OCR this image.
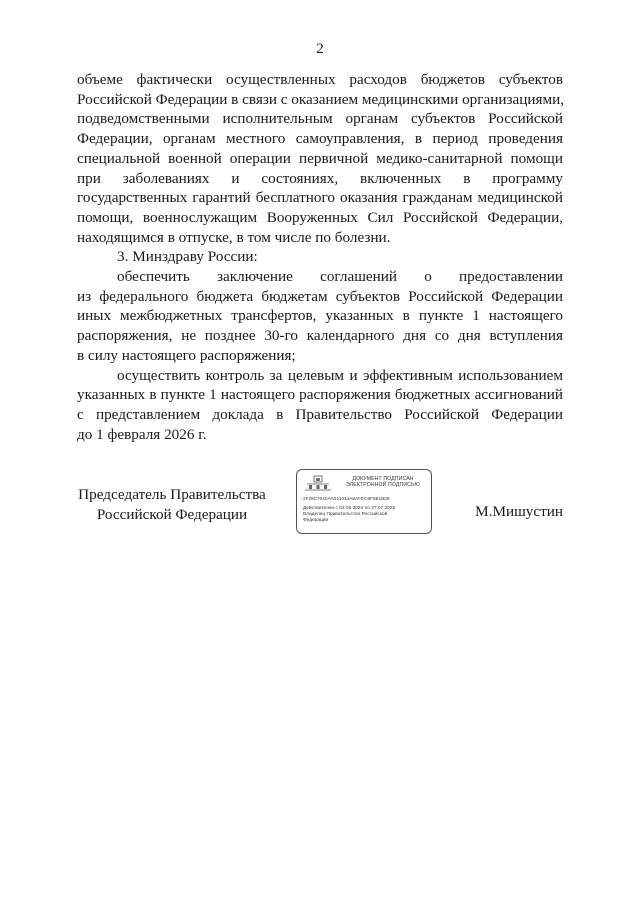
2

объеме фактически осуществленных расходов бюджетов субъектов
Российской Федерации в связи с оказанием медицинскими организациями,
подведомственными исполнительным органам субъектов Российской
Федерации, органам местного самоуправления, в период проведения
специальной военной операции первичной медико-санитарной помощи
при заболеваниях и состояниях, включенных в программу
государственных гарантий бесплатного оказания гражданам медицинской
помощи, военнослужащим Вооруженных Сил Российской Федерации,
находящимся в отпуске, в том числе по болезни.

3. Минздраву России:

обеспечить заключение соглашений о предоставлении
из федерального бюджета бюджетам субъектов Российской Федерации
иных межбюджетных трансфертов, указанных в пункте 1 настоящего
распоряжения, не позднее 30-го календарного дня со дня вступления
в силу настоящего распоряжения;

осуществить контроль за целевым и эффективным использованием
указанных в пункте 1 настоящего распоряжения бюджетных ассигнований
с представлением доклада в Правительство Российской Федерации
до 1 февраля 2026 г.

Председатель Правительства
Российской Федерации
ДОКУМЕНТ ПОДПИСАН
ЭЛЕКТРОННОЙ ПОДПИСЬЮ
2F26C7040AA041014A8AFEC8F5B1B09
Действителен с 03.05.2024 по 27.07.2025
Владелец Правительство Российской
Федерации
М.Мишустин
